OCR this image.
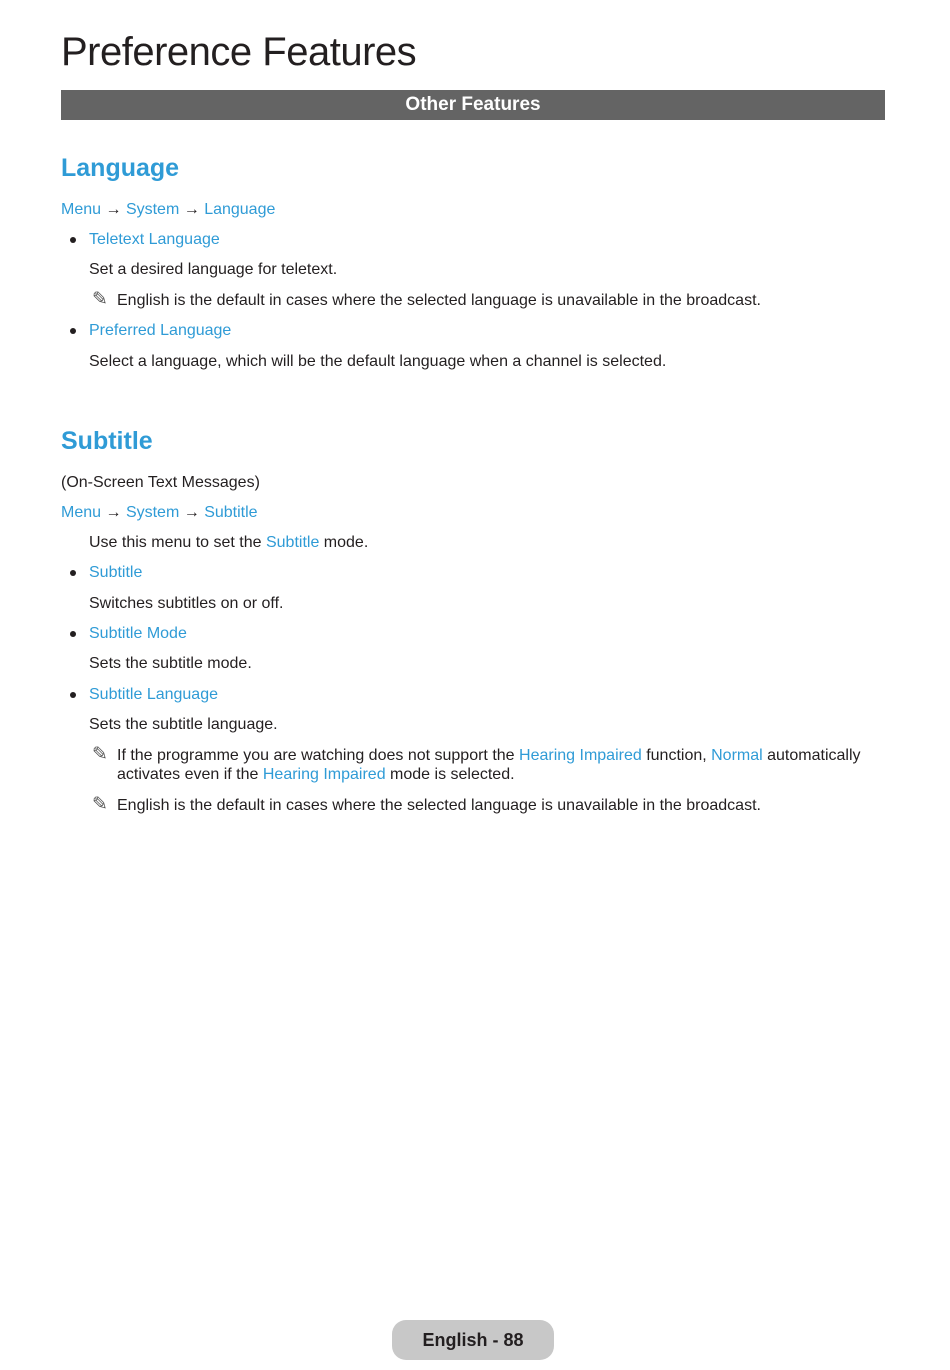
Preference Features
Other Features
Language
Menu → System → Language
Teletext Language
Set a desired language for teletext.
✎ English is the default in cases where the selected language is unavailable in the broadcast.
Preferred Language
Select a language, which will be the default language when a channel is selected.
Subtitle
(On-Screen Text Messages)
Menu → System → Subtitle
Use this menu to set the Subtitle mode.
Subtitle
Switches subtitles on or off.
Subtitle Mode
Sets the subtitle mode.
Subtitle Language
Sets the subtitle language.
✎ If the programme you are watching does not support the Hearing Impaired function, Normal automatically
activates even if the Hearing Impaired mode is selected.
✎ English is the default in cases where the selected language is unavailable in the broadcast.
English - 88
